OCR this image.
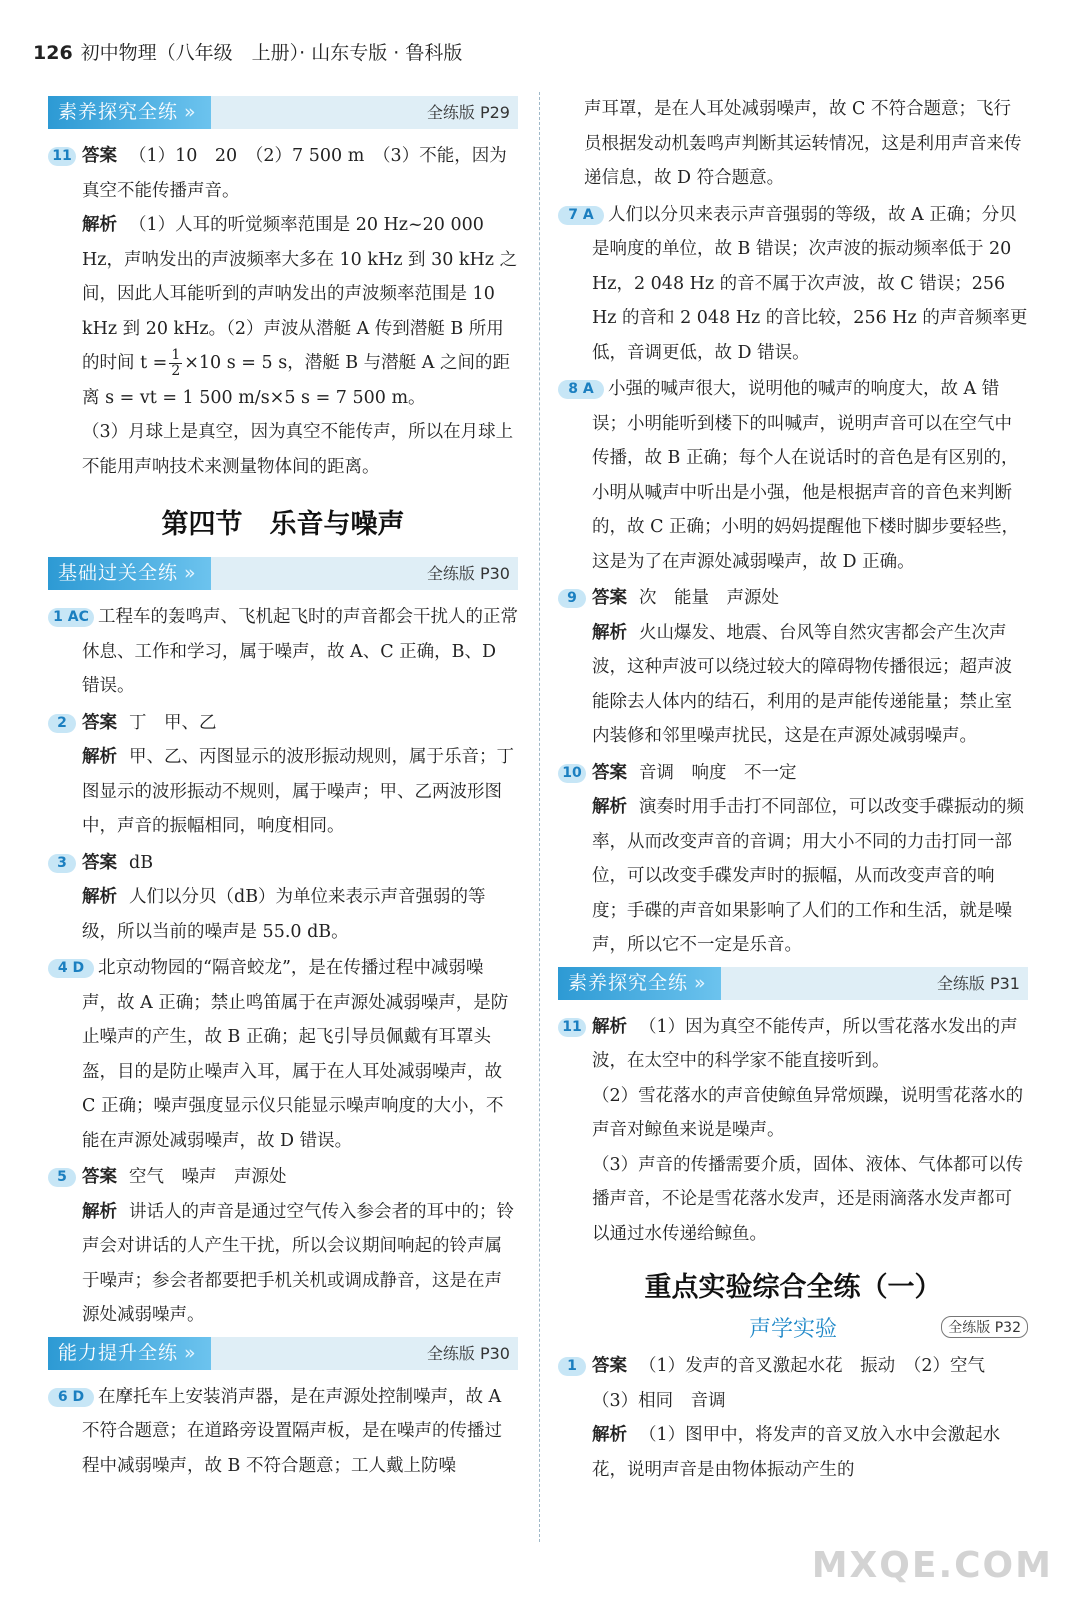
126 初中物理（八年级　上册）· 山东专版 · 鲁科版
素养探究全练 »	全练版 P29
11 答案 （1）10　20　（2）7 500 m　（3）不能，因为真空不能传播声音。

解析 （1）人耳的听觉频率范围是 20 Hz~20 000 Hz，声呐发出的声波频率大多在 10 kHz 到 30 kHz 之间，因此人耳能听到的声呐发出的声波频率范围是 10 kHz 到 20 kHz。（2）声波从潜艇 A 传到潜艇 B 所用的时间 $t = \frac{1}{2} \times 10$ s = 5 s，潜艇 B 与潜艇 A 之间的距离 s = vt = 1 500 m/s×5 s = 7 500 m。

（3）月球上是真空，因为真空不能传声，所以在月球上不能用声呐技术来测量物体间的距离。

第四节　乐音与噪声
基础过关全练 »	全练版 P30
1 AC 工程车的轰鸣声、飞机起飞时的声音都会干扰人的正常休息、工作和学习，属于噪声，故 A、C 正确，B、D 错误。

2 答案 丁　甲、乙

解析 甲、乙、丙图显示的波形振动规则，属于乐音；丁图显示的波形振动不规则，属于噪声；甲、乙两波形图中，声音的振幅相同，响度相同。

3 答案 dB

解析 人们以分贝（dB）为单位来表示声音强弱的等级，所以当前的噪声是 55.0 dB。

4 D 北京动物园的“隔音蛟龙”，是在传播过程中减弱噪声，故 A 正确；禁止鸣笛属于在声源处减弱噪声，是防止噪声的产生，故 B 正确；起飞引导员佩戴有耳罩头盔，目的是防止噪声入耳，属于在人耳处减弱噪声，故 C 正确；噪声强度显示仪只能显示噪声响度的大小，不能在声源处减弱噪声，故 D 错误。

5 答案 空气　噪声　声源处

解析 讲话人的声音是通过空气传入参会者的耳中的；铃声会对讲话的人产生干扰，所以会议期间响起的铃声属于噪声；参会者都要把手机关机或调成静音，这是在声源处减弱噪声。

能力提升全练 »	全练版 P30
6 D 在摩托车上安装消声器，是在声源处控制噪声，故 A 不符合题意；在道路旁设置隔声板，是在噪声的传播过程中减弱噪声，故 B 不符合题意；工人戴上防噪

声耳罩，是在人耳处减弱噪声，故 C 不符合题意；飞行员根据发动机轰鸣声判断其运转情况，这是利用声音来传递信息，故 D 符合题意。

7 A 人们以分贝来表示声音强弱的等级，故 A 正确；分贝是响度的单位，故 B 错误；次声波的振动频率低于 20 Hz，2 048 Hz 的音不属于次声波，故 C 错误；256 Hz 的音和 2 048 Hz 的音比较，256 Hz 的声音频率更低，音调更低，故 D 错误。

8 A 小强的喊声很大，说明他的喊声的响度大，故 A 错误；小明能听到楼下的叫喊声，说明声音可以在空气中传播，故 B 正确；每个人在说话时的音色是有区别的，小明从喊声中听出是小强，他是根据声音的音色来判断的，故 C 正确；小明的妈妈提醒他下楼时脚步要轻些，这是为了在声源处减弱噪声，故 D 正确。

9 答案 次　能量　声源处

解析 火山爆发、地震、台风等自然灾害都会产生次声波，这种声波可以绕过较大的障碍物传播很远；超声波能除去人体内的结石，利用的是声能传递能量；禁止室内装修和邻里噪声扰民，这是在声源处减弱噪声。

10 答案 音调　响度　不一定

解析 演奏时用手击打不同部位，可以改变手碟振动的频率，从而改变声音的音调；用大小不同的力击打同一部位，可以改变手碟发声时的振幅，从而改变声音的响度；手碟的声音如果影响了人们的工作和生活，就是噪声，所以它不一定是乐音。

素养探究全练 »	全练版 P31
11 解析 （1）因为真空不能传声，所以雪花落水发出的声波，在太空中的科学家不能直接听到。

（2）雪花落水的声音使鲸鱼异常烦躁，说明雪花落水的声音对鲸鱼来说是噪声。

（3）声音的传播需要介质，固体、液体、气体都可以传播声音，不论是雪花落水发声，还是雨滴落水发声都可以通过水传递给鲸鱼。

重点实验综合全练（一）
声学实验	全练版 P32
1 答案 （1）发声的音叉激起水花　振动　（2）空气　（3）相同　音调

解析 （1）图甲中，将发声的音叉放入水中会激起水花，说明声音是由物体振动产生的

MXQE.COM
